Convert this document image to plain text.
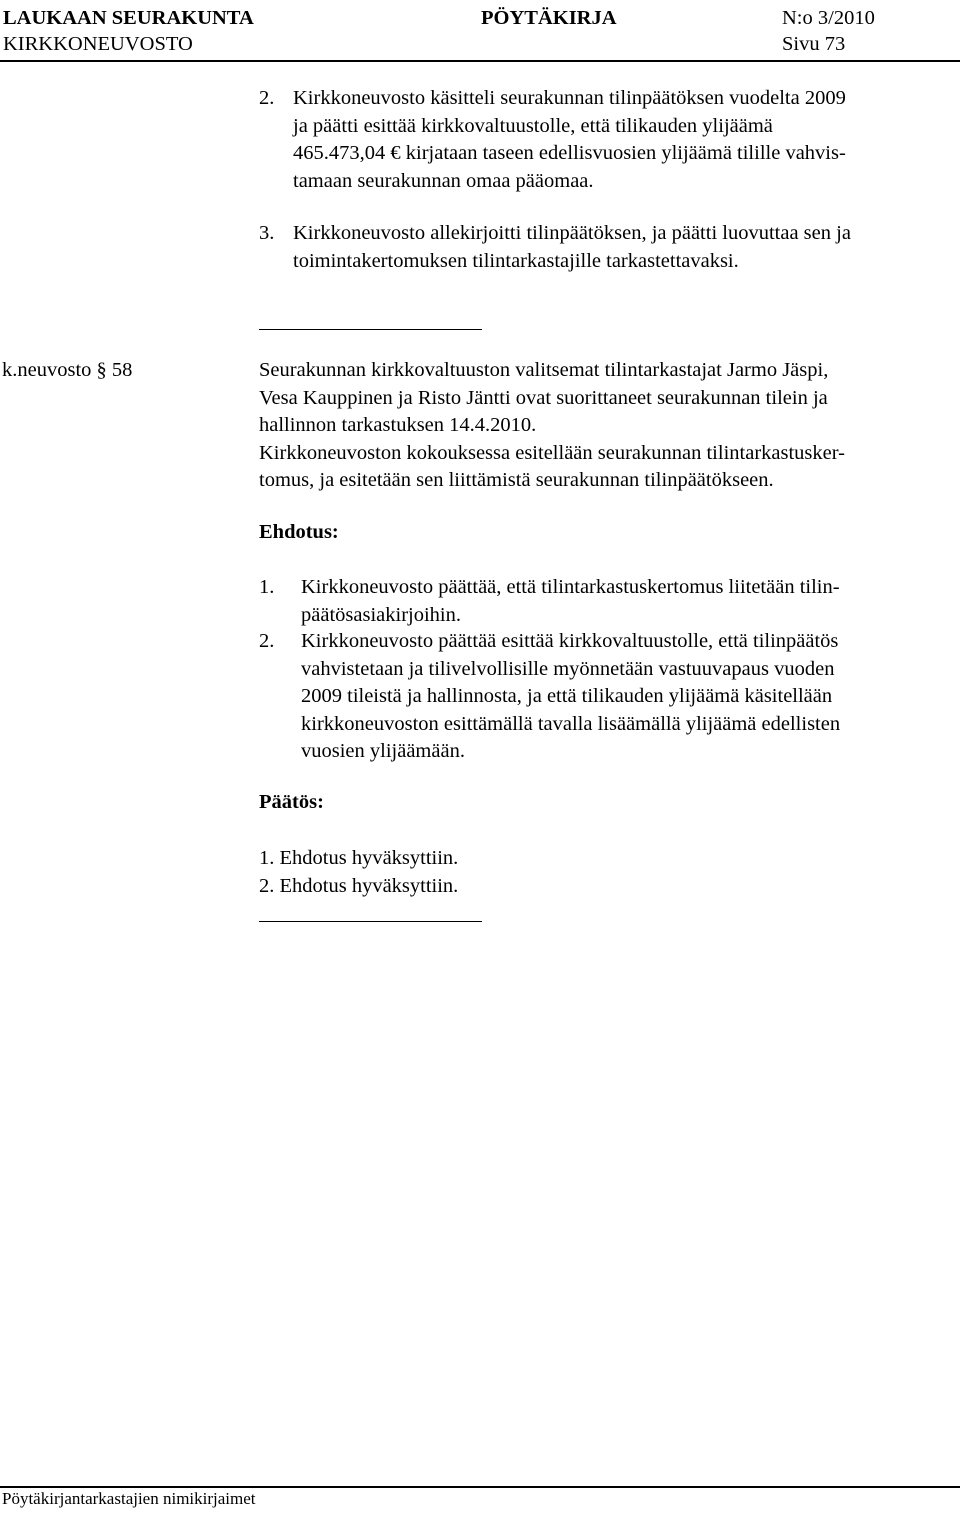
LAUKAAN SEURAKUNTA	PÖYTÄKIRJA	N:o 3/2010
KIRKKONEUVOSTO	Sivu 73
2. Kirkkoneuvosto käsitteli seurakunnan tilinpäätöksen vuodelta 2009
ja päätti esittää kirkkovaltuustolle, että tilikauden ylijäämä
465.473,04 € kirjataan taseen edellisvuosien ylijäämä tilille vahvis-
tamaan seurakunnan omaa pääomaa.
3. Kirkkoneuvosto allekirjoitti tilinpäätöksen, ja päätti luovuttaa sen ja
toimintakertomuksen tilintarkastajille tarkastettavaksi.
k.neuvosto § 58	Seurakunnan kirkkovaltuuston valitsemat tilintarkastajat Jarmo Jäspi,
Vesa Kauppinen ja Risto Jäntti ovat suorittaneet seurakunnan tilein ja
hallinnon tarkastuksen 14.4.2010.
Kirkkoneuvoston kokouksessa esitellään seurakunnan tilintarkastusker-
tomus, ja esitetään sen liittämistä seurakunnan tilinpäätökseen.
Ehdotus:
1. Kirkkoneuvosto päättää, että tilintarkastuskertomus liitetään tilin-
päätösasiakirjoihin.
2. Kirkkoneuvosto päättää esittää kirkkovaltuustolle, että tilinpäätös
vahvistetaan ja tilivelvollisille myönnetään vastuuvapaus vuoden
2009 tileistä ja hallinnosta, ja että tilikauden ylijäämä käsitellään
kirkkoneuvoston esittämällä tavalla lisäämällä ylijäämä edellisten
vuosien ylijäämään.
Päätös:
1. Ehdotus hyväksyttiin.
2. Ehdotus hyväksyttiin.
Pöytäkirjantarkastajien nimikirjaimet
